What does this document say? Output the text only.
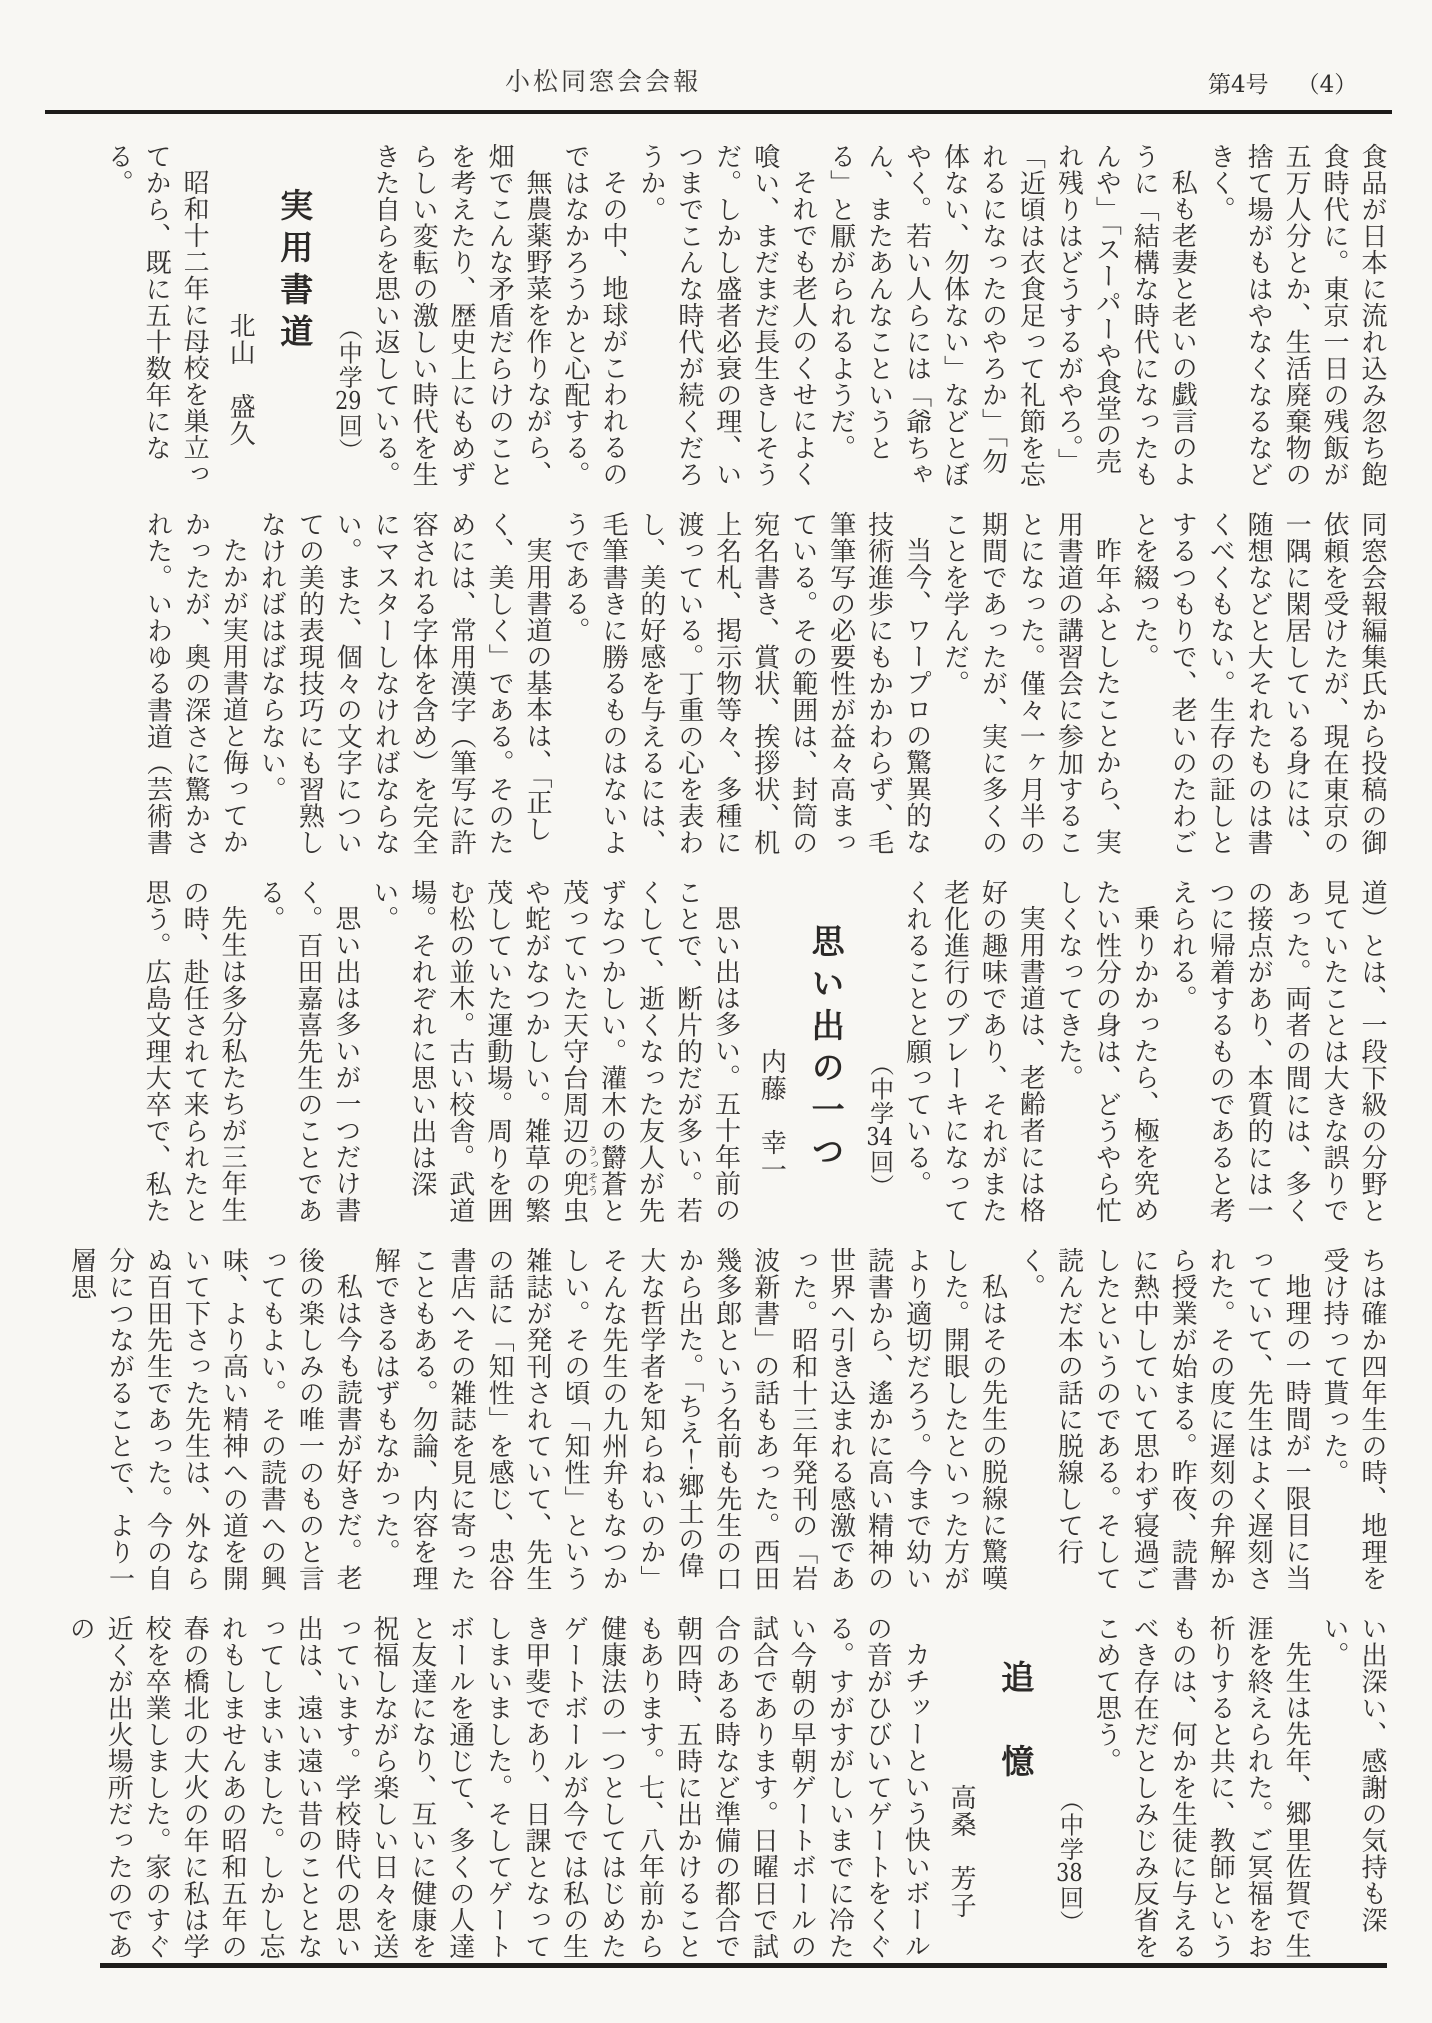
小松同窓会会報	第4号 （4）

食品が日本に流れ込み忽ち飽食時代に。東京一日の残飯が五万人分とか、生活廃棄物の捨て場がもはやなくなるなどきく。

私も老妻と老いの戯言のように「結構な時代になったもんや」「スーパーや食堂の売れ残りはどうするがやろ。」「近頃は衣食足って礼節を忘れるになったのやろか」「勿体ない、勿体ない」などとぼやく。若い人らには「爺ちゃん、またあんなこというとる」と厭がられるようだ。

それでも老人のくせによく喰い、まだまだ長生きしそうだ。しかし盛者必衰の理、いつまでこんな時代が続くだろうか。

その中、地球がこわれるのではなかろうかと心配する。

無農薬野菜を作りながら、畑でこんな矛盾だらけのことを考えたり、歴史上にもめずらしい変転の激しい時代を生きた自らを思い返している。

（中学29回）

実用書道

北山　盛久

昭和十二年に母校を巣立ってから、既に五十数年になる。

同窓会報編集氏から投稿の御依頼を受けたが、現在東京の一隅に閑居している身には、随想などと大それたものは書くべくもない。生存の証しとするつもりで、老いのたわごとを綴った。

昨年ふとしたことから、実用書道の講習会に参加することになった。僅々一ヶ月半の期間であったが、実に多くのことを学んだ。

当今、ワープロの驚異的な技術進歩にもかかわらず、毛筆筆写の必要性が益々高まっている。その範囲は、封筒の宛名書き、賞状、挨拶状、机上名札、掲示物等々、多種に渡っている。丁重の心を表わし、美的好感を与えるには、毛筆書きに勝るものはないようである。

実用書道の基本は、「正しく、美しく」である。そのためには、常用漢字（筆写に許容される字体を含め）を完全にマスターしなければならない。また、個々の文字についての美的表現技巧にも習熟しなければはばならない。

たかが実用書道と侮ってかかったが、奥の深さに驚かされた。いわゆる書道（芸術書

道）とは、一段下級の分野と見ていたことは大きな誤りであった。両者の間には、多くの接点があり、本質的には一つに帰着するものであると考えられる。

乗りかかったら、極を究めたい性分の身は、どうやら忙しくなってきた。

実用書道は、老齢者には格好の趣味であり、それがまた老化進行のブレーキになってくれることと願っている。

（中学34回）

思い出の一つ

内藤　幸一

思い出は多い。五十年前のことで、断片的だが多い。若くして、逝くなった友人が先ずなつかしい。灌木の欝蒼うっそうと茂っていた天守台周辺の兜虫や蛇がなつかしい。雑草の繁茂していた運動場。周りを囲む松の並木。古い校舎。武道場。それぞれに思い出は深い。

思い出は多いが一つだけ書く。百田嘉喜先生のことである。

先生は多分私たちが三年生の時、赴任されて来られたと思う。広島文理大卒で、私た

ちは確か四年生の時、地理を受け持って貰った。

地理の一時間が一限目に当っていて、先生はよく遅刻された。その度に遅刻の弁解から授業が始まる。昨夜、読書に熱中していて思わず寝過ごしたというのである。そして読んだ本の話に脱線して行く。

私はその先生の脱線に驚嘆した。開眼したといった方がより適切だろう。今まで幼い読書から、遙かに高い精神の世界へ引き込まれる感激であった。昭和十三年発刊の「岩波新書」の話もあった。西田幾多郎という名前も先生の口から出た。「ちえ！郷土の偉大な哲学者を知らねいのか」そんな先生の九州弁もなつかしい。その頃「知性」という雑誌が発刊されていて、先生の話に「知性」を感じ、忠谷書店へその雑誌を見に寄ったこともある。勿論、内容を理解できるはずもなかった。

私は今も読書が好きだ。老後の楽しみの唯一のものと言ってもよい。その読書への興味、より高い精神への道を開いて下さった先生は、外ならぬ百田先生であった。今の自分につながることで、より一層思

い出深い、感謝の気持も深い。

先生は先年、郷里佐賀で生涯を終えられた。ご冥福をお祈りすると共に、教師というものは、何かを生徒に与えるべき存在だとしみじみ反省をこめて思う。

（中学38回）

追　憶

高桑　芳子

カチッーという快いボールの音がひびいてゲートをくぐる。すがすがしいまでに冷たい今朝の早朝ゲートボールの試合であります。日曜日で試合のある時など準備の都合で朝四時、五時に出かけることもあります。七、八年前から健康法の一つとしてはじめたゲートボールが今では私の生き甲斐であり、日課となってしまいました。そしてゲートボールを通じて、多くの人達と友達になり、互いに健康を祝福しながら楽しい日々を送っています。学校時代の思い出は、遠い遠い昔のこととなってしまいました。しかし忘れもしませんあの昭和五年の春の橋北の大火の年に私は学校を卒業しました。家のすぐ近くが出火場所だったのであの
